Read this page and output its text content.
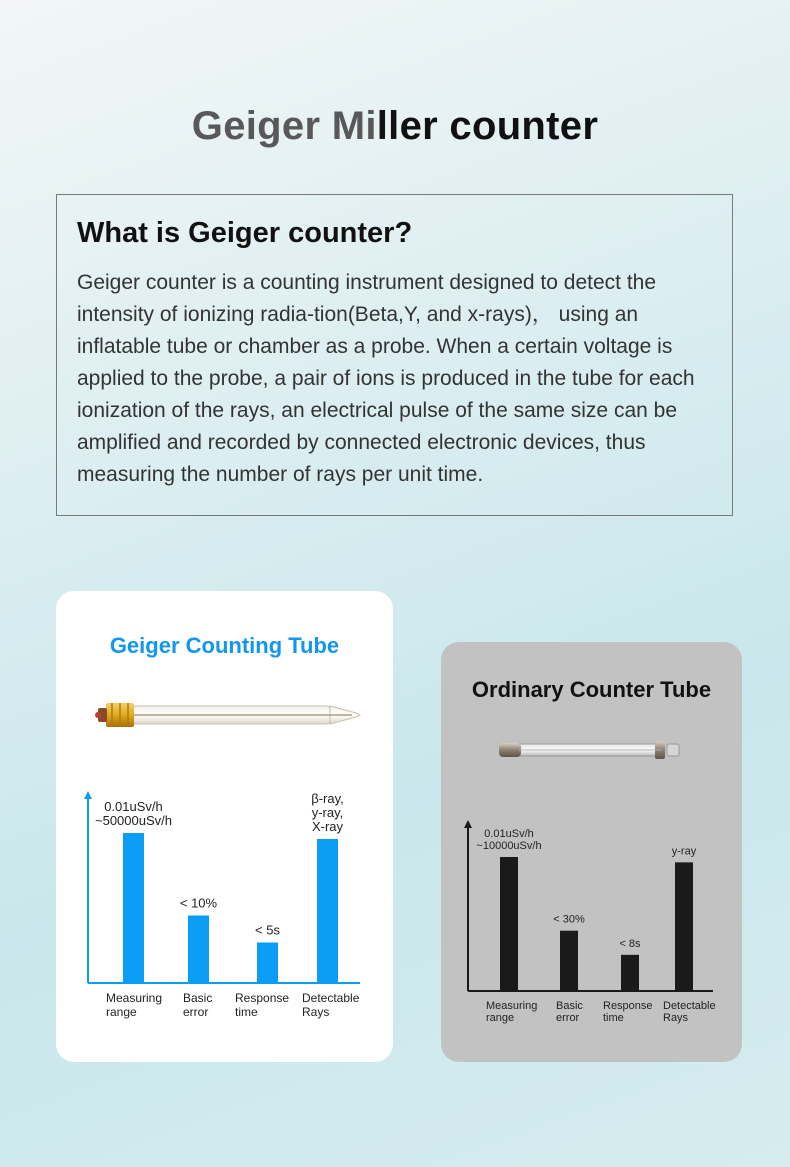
Geiger Miller counter
What is Geiger counter?

Geiger counter is a counting instrument designed to detect the intensity of ionizing radia-tion(Beta,Y, and x-rays)， using an inflatable tube or chamber as a probe. When a certain voltage is applied to the probe, a pair of ions is produced in the tube for each ionization of the rays, an electrical pulse of the same size can be amplified and recorded by connected electronic devices, thus measuring the number of rays per unit time.

Geiger Counting Tube
0.01uSv/h ~50000uSv/h
Measuring range
< 10%
Basic error
< 5s
Response time
β-ray, y-ray, X-ray
Detectable Rays
Ordinary Counter Tube
0.01uSv/h ~10000uSv/h
Measuring range
< 30%
Basic error
< 8s
Response time
y-ray
Detectable Rays
